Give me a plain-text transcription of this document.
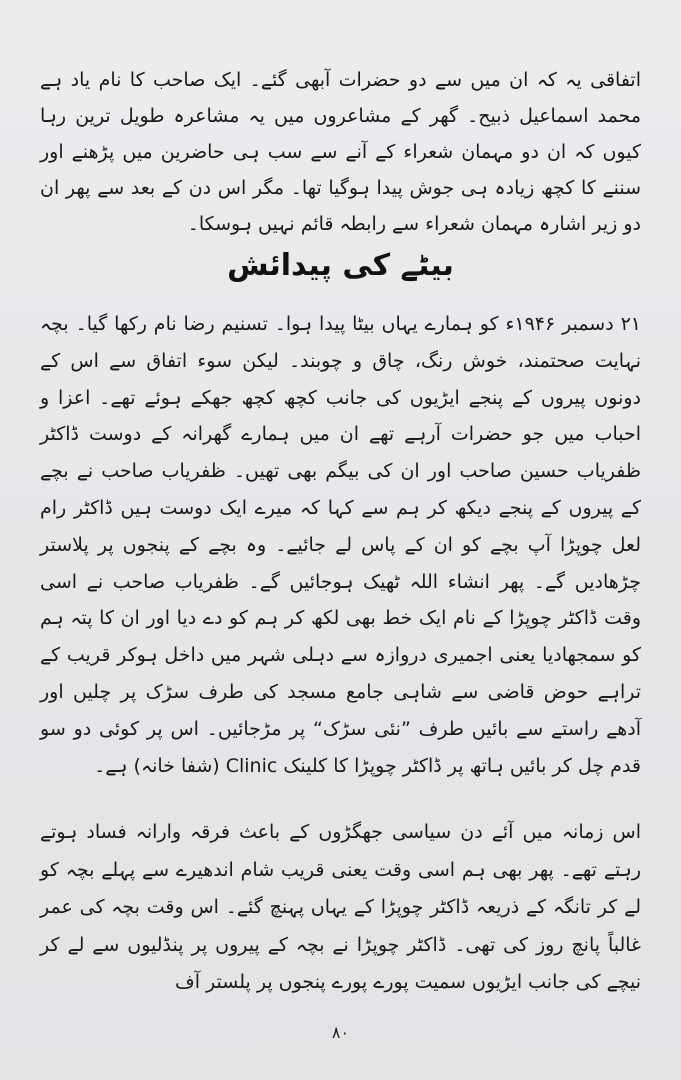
اتفاقی یہ کہ ان میں سے دو حضرات آبھی گئے۔ ایک صاحب کا نام یاد ہے محمد اسماعیل ذبیح۔ گھر کے مشاعروں میں یہ مشاعرہ طویل ترین رہا کیوں کہ ان دو مہمان شعراء کے آنے سے سب ہی حاضرین میں پڑھنے اور سننے کا کچھ زیادہ ہی جوش پیدا ہوگیا تھا۔ مگر اس دن کے بعد سے پھر ان دو زیر اشارہ مہمان شعراء سے رابطہ قائم نہیں ہوسکا۔
بیٹے کی پیدائش
۲۱ دسمبر ۱۹۴۶ء کو ہمارے یہاں بیٹا پیدا ہوا۔ تسنیم رضا نام رکھا گیا۔ بچہ نہایت صحتمند، خوش رنگ، چاق و چوبند۔ لیکن سوء اتفاق سے اس کے دونوں پیروں کے پنجے ایڑیوں کی جانب کچھ کچھ جھکے ہوئے تھے۔ اعزا و احباب میں جو حضرات آرہے تھے ان میں ہمارے گھرانہ کے دوست ڈاکٹر ظفریاب حسین صاحب اور ان کی بیگم بھی تھیں۔ ظفریاب صاحب نے بچے کے پیروں کے پنجے دیکھ کر ہم سے کہا کہ میرے ایک دوست ہیں ڈاکٹر رام لعل چوپڑا آپ بچے کو ان کے پاس لے جائیے۔ وہ بچے کے پنجوں پر پلاستر چڑھادیں گے۔ پھر انشاء اللہ ٹھیک ہوجائیں گے۔ ظفریاب صاحب نے اسی وقت ڈاکٹر چوپڑا کے نام ایک خط بھی لکھ کر ہم کو دے دیا اور ان کا پتہ ہم کو سمجھادیا یعنی اجمیری دروازہ سے دہلی شہر میں داخل ہوکر قریب کے تراہے حوض قاضی سے شاہی جامع مسجد کی طرف سڑک پر چلیں اور آدھے راستے سے بائیں طرف ”نئی سڑک“ پر مڑجائیں۔ اس پر کوئی دو سو قدم چل کر بائیں ہاتھ پر ڈاکٹر چوپڑا کا کلینک Clinic (شفا خانہ) ہے۔
اس زمانہ میں آئے دن سیاسی جھگڑوں کے باعث فرقہ وارانہ فساد ہوتے رہتے تھے۔ پھر بھی ہم اسی وقت یعنی قریب شام اندھیرے سے پہلے بچہ کو لے کر تانگہ کے ذریعہ ڈاکٹر چوپڑا کے یہاں پہنچ گئے۔ اس وقت بچہ کی عمر غالباً پانچ روز کی تھی۔ ڈاکٹر چوپڑا نے بچہ کے پیروں پر پنڈلیوں سے لے کر نیچے کی جانب ایڑیوں سمیت پورے پورے پنجوں پر پلستر آف
۸۰
